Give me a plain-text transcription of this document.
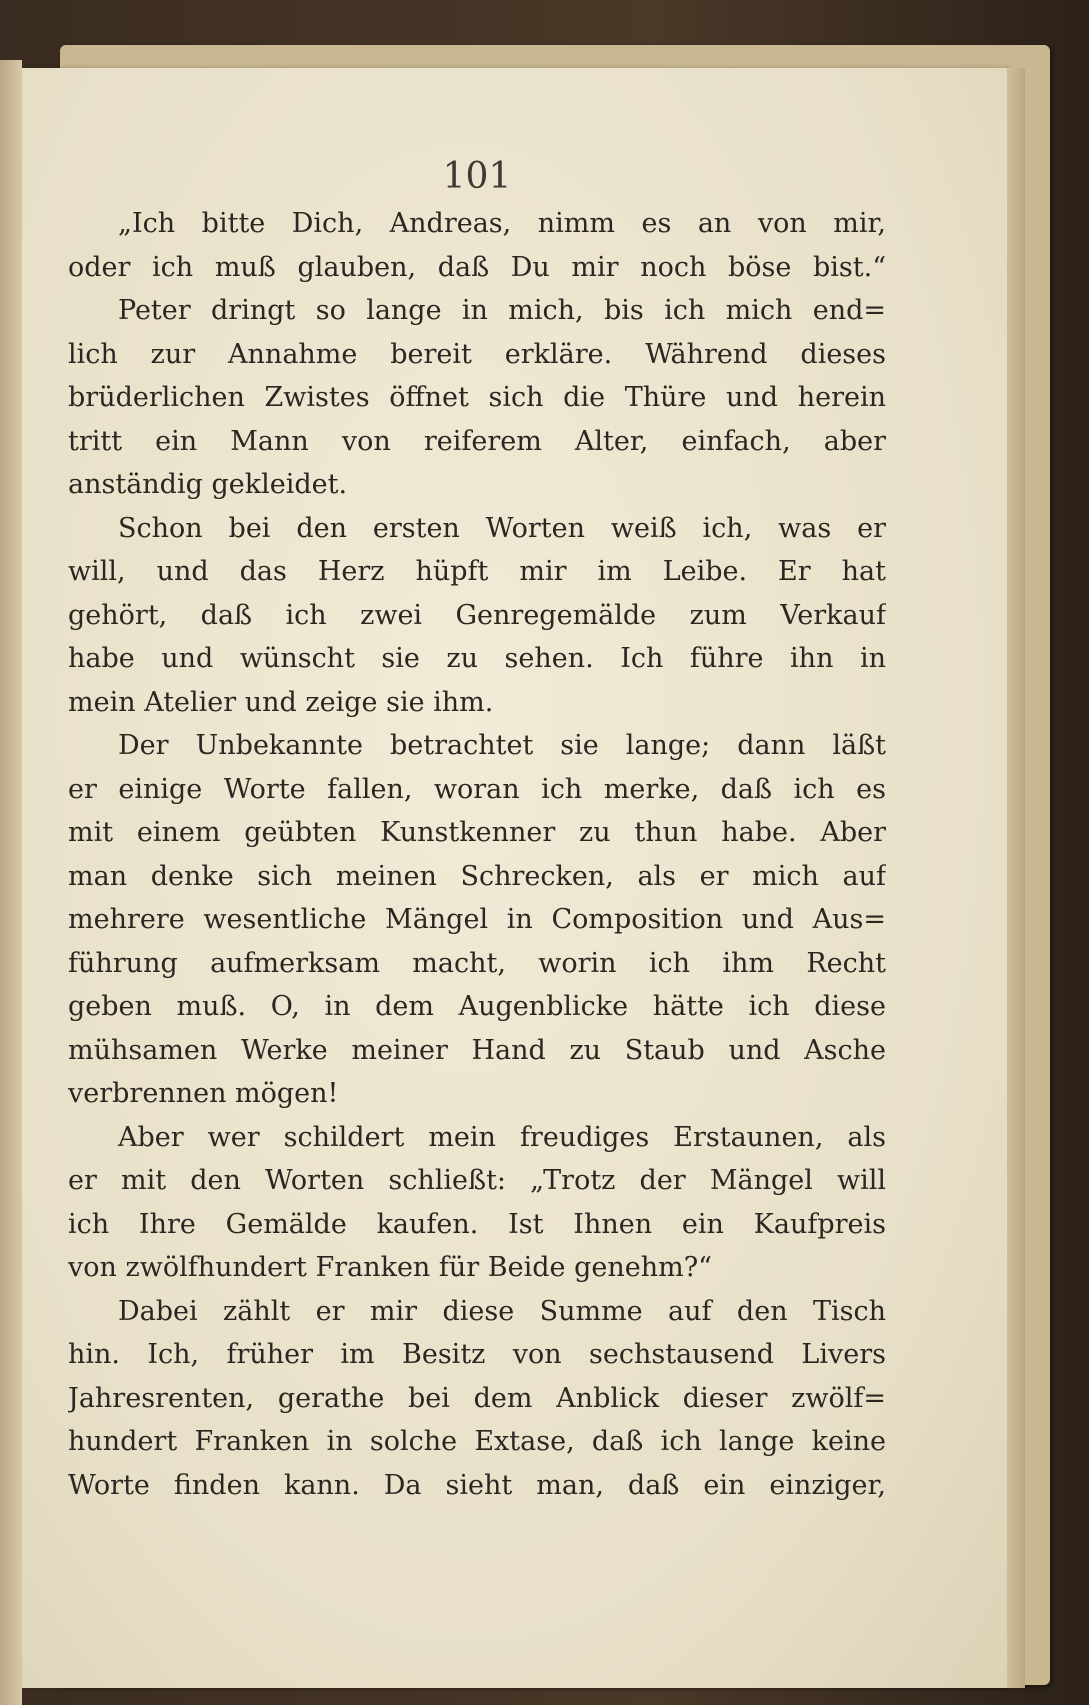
101
„Ich bitte Dich, Andreas, nimm es an von mir,
oder ich muß glauben, daß Du mir noch böse bist.“
Peter dringt so lange in mich, bis ich mich end=
lich zur Annahme bereit erkläre. Während dieses
brüderlichen Zwistes öffnet sich die Thüre und herein
tritt ein Mann von reiferem Alter, einfach, aber
anständig gekleidet.
Schon bei den ersten Worten weiß ich, was er
will, und das Herz hüpft mir im Leibe. Er hat
gehört, daß ich zwei Genregemälde zum Verkauf
habe und wünscht sie zu sehen. Ich führe ihn in
mein Atelier und zeige sie ihm.
Der Unbekannte betrachtet sie lange; dann läßt
er einige Worte fallen, woran ich merke, daß ich es
mit einem geübten Kunstkenner zu thun habe. Aber
man denke sich meinen Schrecken, als er mich auf
mehrere wesentliche Mängel in Composition und Aus=
führung aufmerksam macht, worin ich ihm Recht
geben muß. O, in dem Augenblicke hätte ich diese
mühsamen Werke meiner Hand zu Staub und Asche
verbrennen mögen!
Aber wer schildert mein freudiges Erstaunen, als
er mit den Worten schließt: „Trotz der Mängel will
ich Ihre Gemälde kaufen. Ist Ihnen ein Kaufpreis
von zwölfhundert Franken für Beide genehm?“
Dabei zählt er mir diese Summe auf den Tisch
hin. Ich, früher im Besitz von sechstausend Livers
Jahresrenten, gerathe bei dem Anblick dieser zwölf=
hundert Franken in solche Extase, daß ich lange keine
Worte finden kann. Da sieht man, daß ein einziger,
